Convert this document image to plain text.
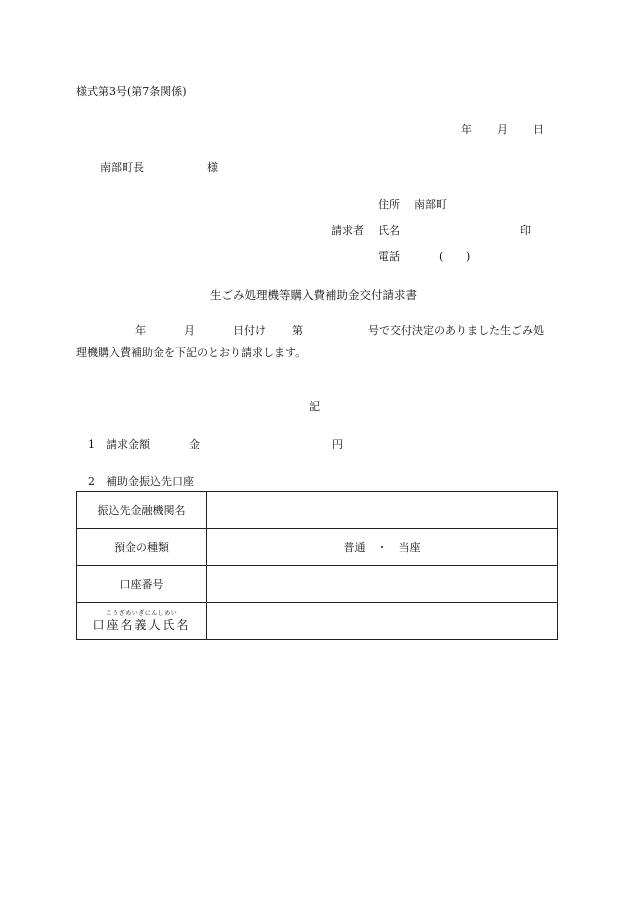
様式第3号(第7条関係)
年 月 日
南部町長	様
住所 南部町
請求者 氏名	印
電話	( )
生ごみ処理機等購入費補助金交付請求書
年	月	日付け 第	号で交付決定のありました生ごみ処
理機購入費補助金を下記のとおり請求します。
記
1 請求金額	金	円
2 補助金振込先口座
振込先金融機関名	
預金の種類	普通　・　当座
口座番号	

こうざめいぎにんしめい
口座名義人氏名	
